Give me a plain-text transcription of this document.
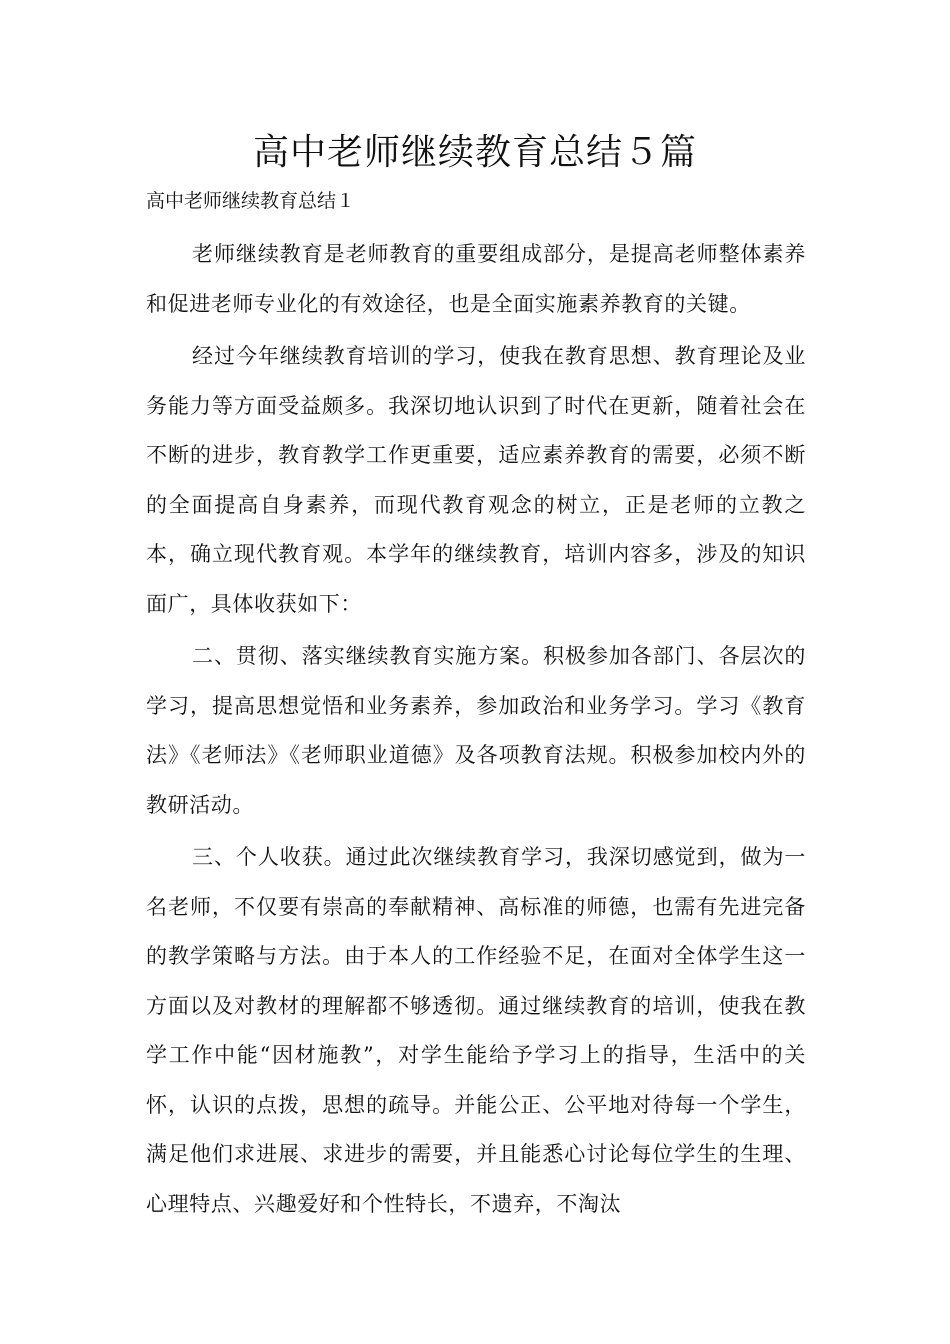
高中老师继续教育总结５篇
高中老师继续教育总结１

老师继续教育是老师教育的重要组成部分，是提高老师整体素养和促进老师专业化的有效途径，也是全面实施素养教育的关键。

经过今年继续教育培训的学习，使我在教育思想、教育理论及业务能力等方面受益颇多。我深切地认识到了时代在更新，随着社会在不断的进步，教育教学工作更重要，适应素养教育的需要，必须不断的全面提高自身素养，而现代教育观念的树立，正是老师的立教之本，确立现代教育观。本学年的继续教育，培训内容多，涉及的知识面广，具体收获如下：

二、贯彻、落实继续教育实施方案。积极参加各部门、各层次的学习，提高思想觉悟和业务素养，参加政治和业务学习。学习《教育法》《老师法》《老师职业道德》及各项教育法规。积极参加校内外的教研活动。

三、个人收获。通过此次继续教育学习，我深切感觉到，做为一名老师，不仅要有崇高的奉献精神、高标准的师德，也需有先进完备的教学策略与方法。由于本人的工作经验不足，在面对全体学生这一方面以及对教材的理解都不够透彻。通过继续教育的培训，使我在教学工作中能“因材施教”，对学生能给予学习上的指导，生活中的关怀，认识的点拨，思想的疏导。并能公正、公平地对待每一个学生，满足他们求进展、求进步的需要，并且能悉心讨论每位学生的生理、心理特点、兴趣爱好和个性特长，不遗弃，不淘汰
